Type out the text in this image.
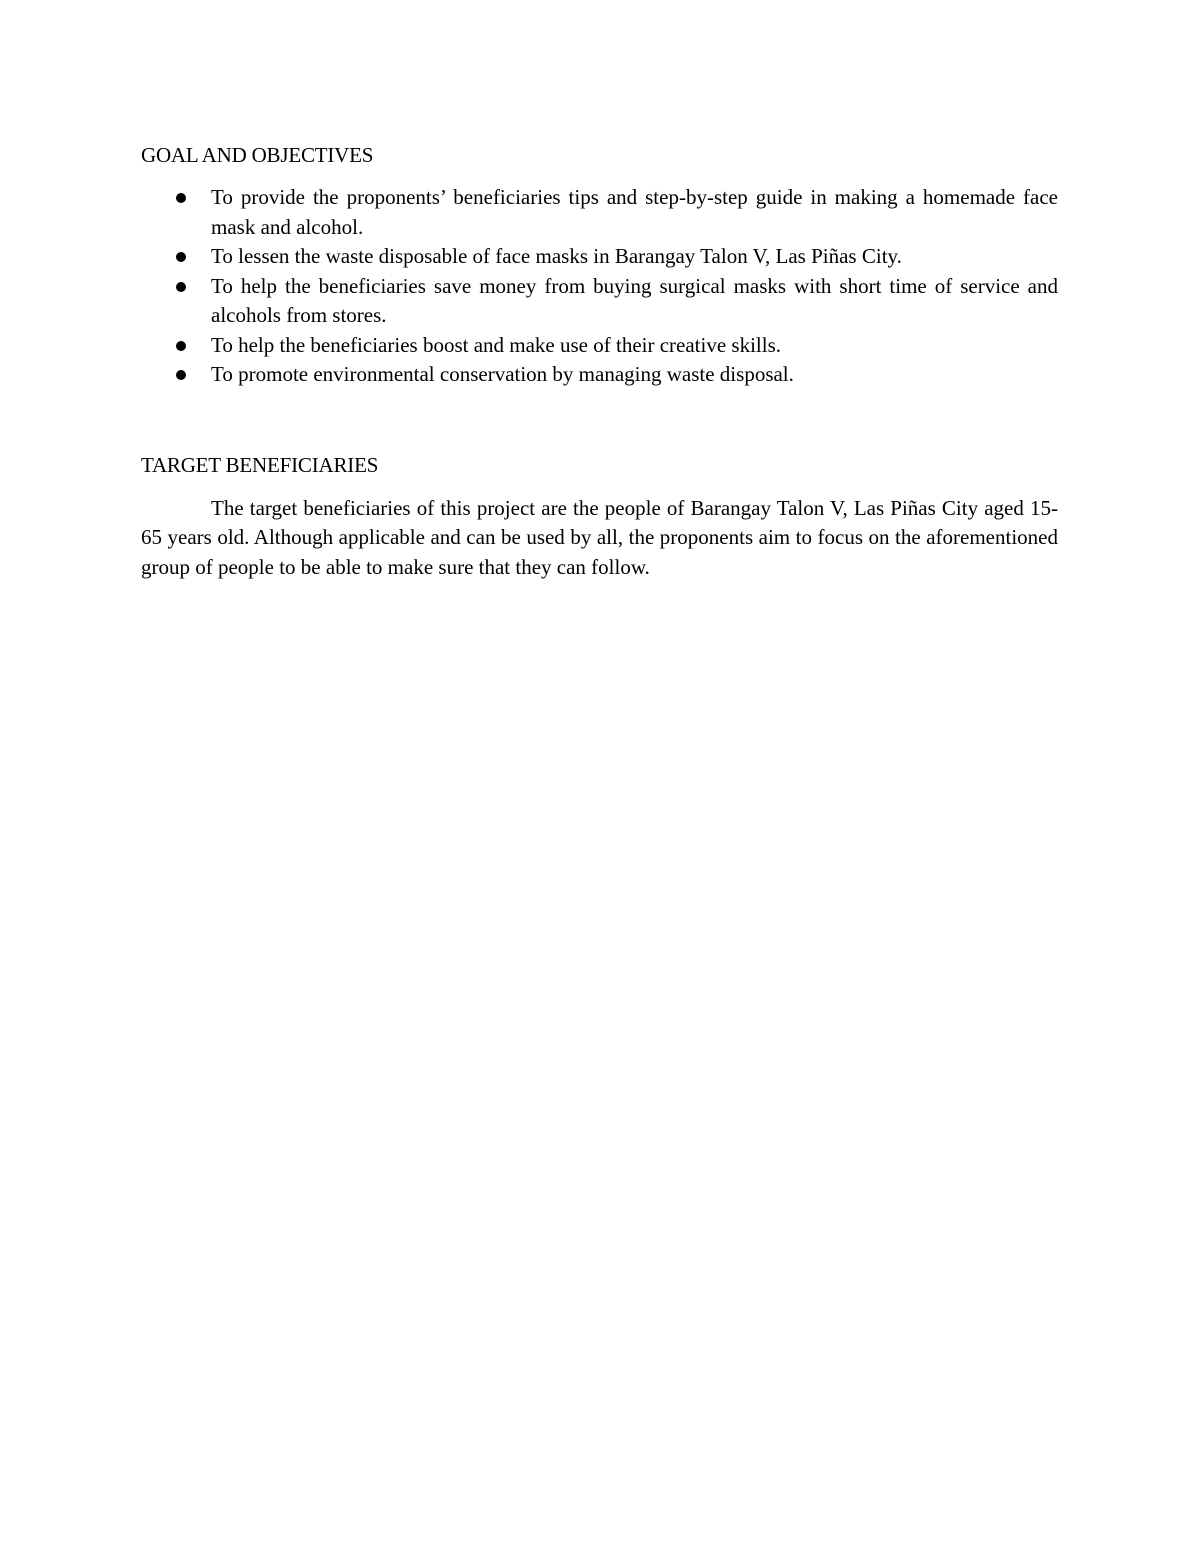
GOAL AND OBJECTIVES
To provide the proponents’ beneficiaries tips and step-by-step guide in making a homemade face mask and alcohol.
To lessen the waste disposable of face masks in Barangay Talon V, Las Piñas City.
To help the beneficiaries save money from buying surgical masks with short time of service and alcohols from stores.
To help the beneficiaries boost and make use of their creative skills.
To promote environmental conservation by managing waste disposal.
TARGET BENEFICIARIES

The target beneficiaries of this project are the people of Barangay Talon V, Las Piñas City aged 15-65 years old. Although applicable and can be used by all, the proponents aim to focus on the aforementioned group of people to be able to make sure that they can follow.
